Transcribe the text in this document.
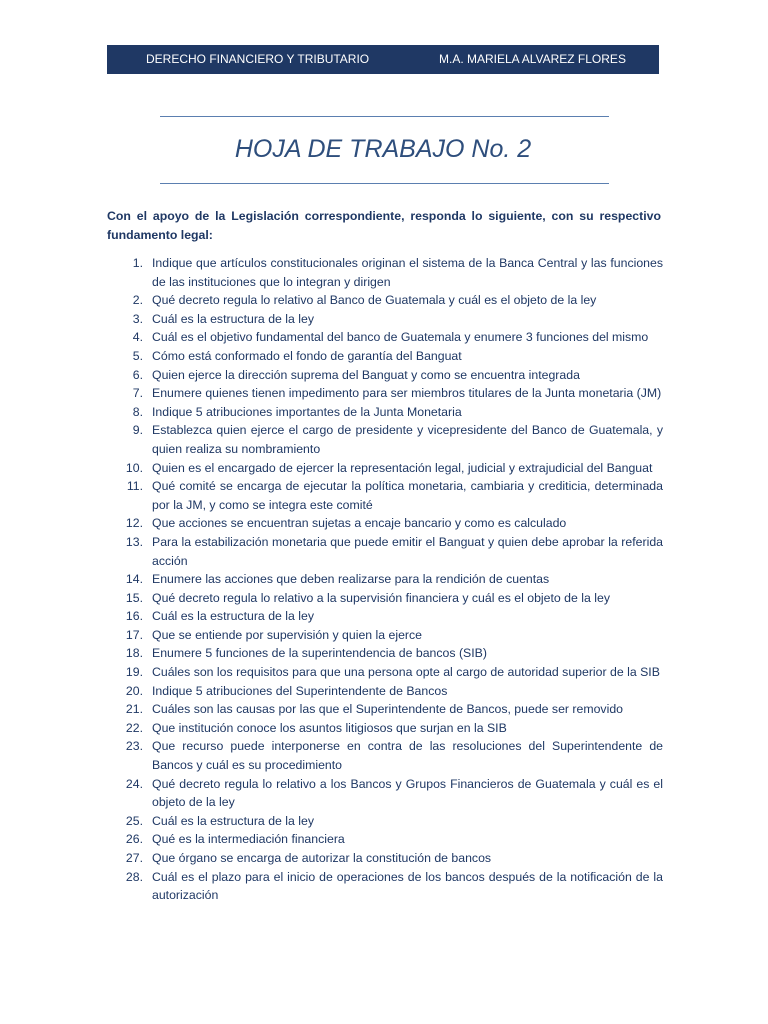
DERECHO FINANCIERO Y TRIBUTARIO	M.A. MARIELA ALVAREZ FLORES
HOJA DE TRABAJO No. 2

Con el apoyo de la Legislación correspondiente, responda lo siguiente, con su respectivo fundamento legal:

1. Indique que artículos constitucionales originan el sistema de la Banca Central y las funciones de las instituciones que lo integran y dirigen
2. Qué decreto regula lo relativo al Banco de Guatemala y cuál es el objeto de la ley
3. Cuál es la estructura de la ley
4. Cuál es el objetivo fundamental del banco de Guatemala y enumere 3 funciones del mismo
5. Cómo está conformado el fondo de garantía del Banguat
6. Quien ejerce la dirección suprema del Banguat y como se encuentra integrada
7. Enumere quienes tienen impedimento para ser miembros titulares de la Junta monetaria (JM)
8. Indique 5 atribuciones importantes de la Junta Monetaria
9. Establezca quien ejerce el cargo de presidente y vicepresidente del Banco de Guatemala, y quien realiza su nombramiento
10. Quien es el encargado de ejercer la representación legal, judicial y extrajudicial del Banguat
11. Qué comité se encarga de ejecutar la política monetaria, cambiaria y crediticia, determinada por la JM, y como se integra este comité
12. Que acciones se encuentran sujetas a encaje bancario y como es calculado
13. Para la estabilización monetaria que puede emitir el Banguat y quien debe aprobar la referida acción
14. Enumere las acciones que deben realizarse para la rendición de cuentas
15. Qué decreto regula lo relativo a la supervisión financiera y cuál es el objeto de la ley
16. Cuál es la estructura de la ley
17. Que se entiende por supervisión y quien la ejerce
18. Enumere 5 funciones de la superintendencia de bancos (SIB)
19. Cuáles son los requisitos para que una persona opte al cargo de autoridad superior de la SIB
20. Indique 5 atribuciones del Superintendente de Bancos
21. Cuáles son las causas por las que el Superintendente de Bancos, puede ser removido
22. Que institución conoce los asuntos litigiosos que surjan en la SIB
23. Que recurso puede interponerse en contra de las resoluciones del Superintendente de Bancos y cuál es su procedimiento
24. Qué decreto regula lo relativo a los Bancos y Grupos Financieros de Guatemala y cuál es el objeto de la ley
25. Cuál es la estructura de la ley
26. Qué es la intermediación financiera
27. Que órgano se encarga de autorizar la constitución de bancos
28. Cuál es el plazo para el inicio de operaciones de los bancos después de la notificación de la autorización
